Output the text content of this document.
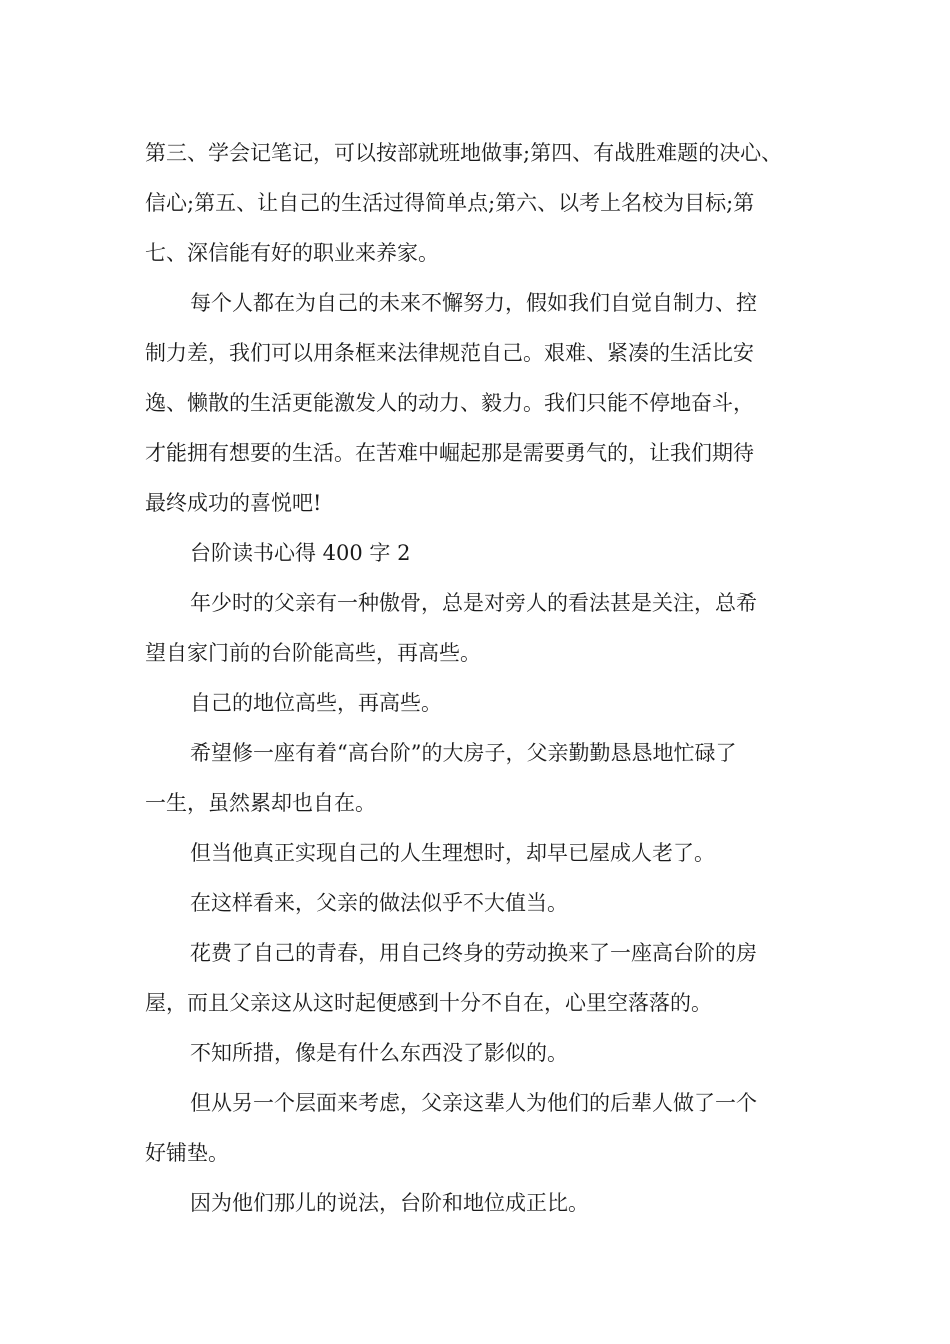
第三、学会记笔记，可以按部就班地做事;第四、有战胜难题的决心、
信心;第五、让自己的生活过得简单点;第六、以考上名校为目标;第
七、深信能有好的职业来养家。
每个人都在为自己的未来不懈努力，假如我们自觉自制力、控
制力差，我们可以用条框来法律规范自己。艰难、紧凑的生活比安
逸、懒散的生活更能激发人的动力、毅力。我们只能不停地奋斗，
才能拥有想要的生活。在苦难中崛起那是需要勇气的，让我们期待
最终成功的喜悦吧!
台阶读书心得 400 字 2
年少时的父亲有一种傲骨，总是对旁人的看法甚是关注，总希
望自家门前的台阶能高些，再高些。
自己的地位高些，再高些。
希望修一座有着“高台阶”的大房子，父亲勤勤恳恳地忙碌了
一生，虽然累却也自在。
但当他真正实现自己的人生理想时，却早已屋成人老了。
在这样看来，父亲的做法似乎不大值当。
花费了自己的青春，用自己终身的劳动换来了一座高台阶的房
屋，而且父亲这从这时起便感到十分不自在，心里空落落的。
不知所措，像是有什么东西没了影似的。
但从另一个层面来考虑，父亲这辈人为他们的后辈人做了一个
好铺垫。
因为他们那儿的说法，台阶和地位成正比。
